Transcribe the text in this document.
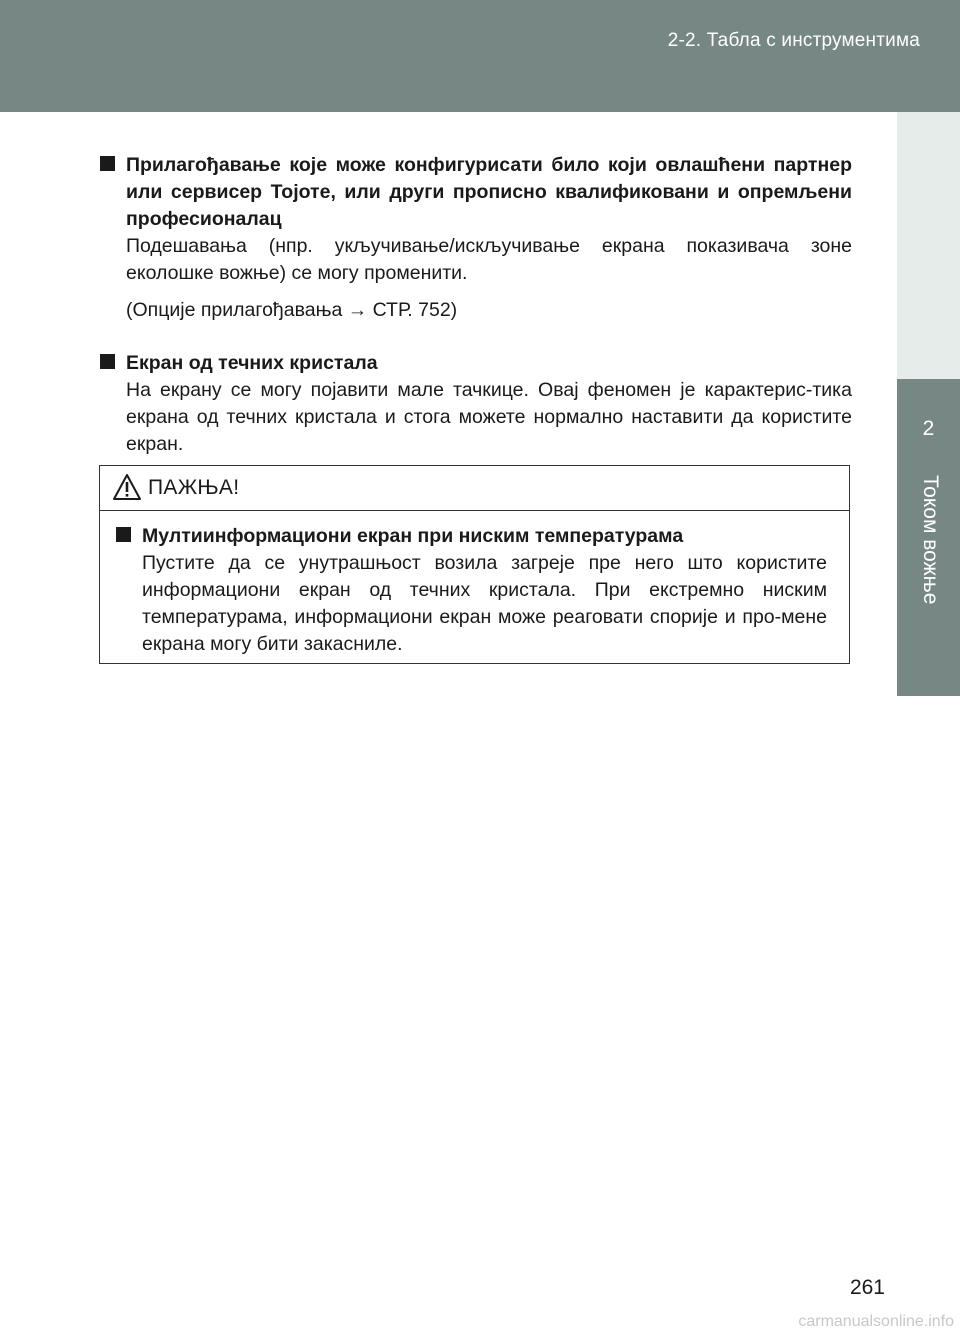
2-2. Табла с инструментима
2
Током вожње
Прилагођавање које може конфигурисати било који овлашћени партнер или сервисер Тојоте, или други прописно квалификовани и опремљени професионалац
Подешавања (нпр. укључивање/искључивање екрана показивача зоне еколошке вожње) се могу променити.
(Опције прилагођавања → СТР. 752)
Екран од течних кристала
На екрану се могу појавити мале тачкице. Овај феномен је карактерис-тика екрана од течних кристала и стога можете нормално наставити да користите екран.
ПАЖЊА!
Мултиинформациони екран при ниским температурама
Пустите да се унутрашњост возила загреје пре него што користите информациони екран од течних кристала. При екстремно ниским температурама, информациони екран може реаговати спорије и про-мене екрана могу бити закасниле.
261
carmanualsonline.info
